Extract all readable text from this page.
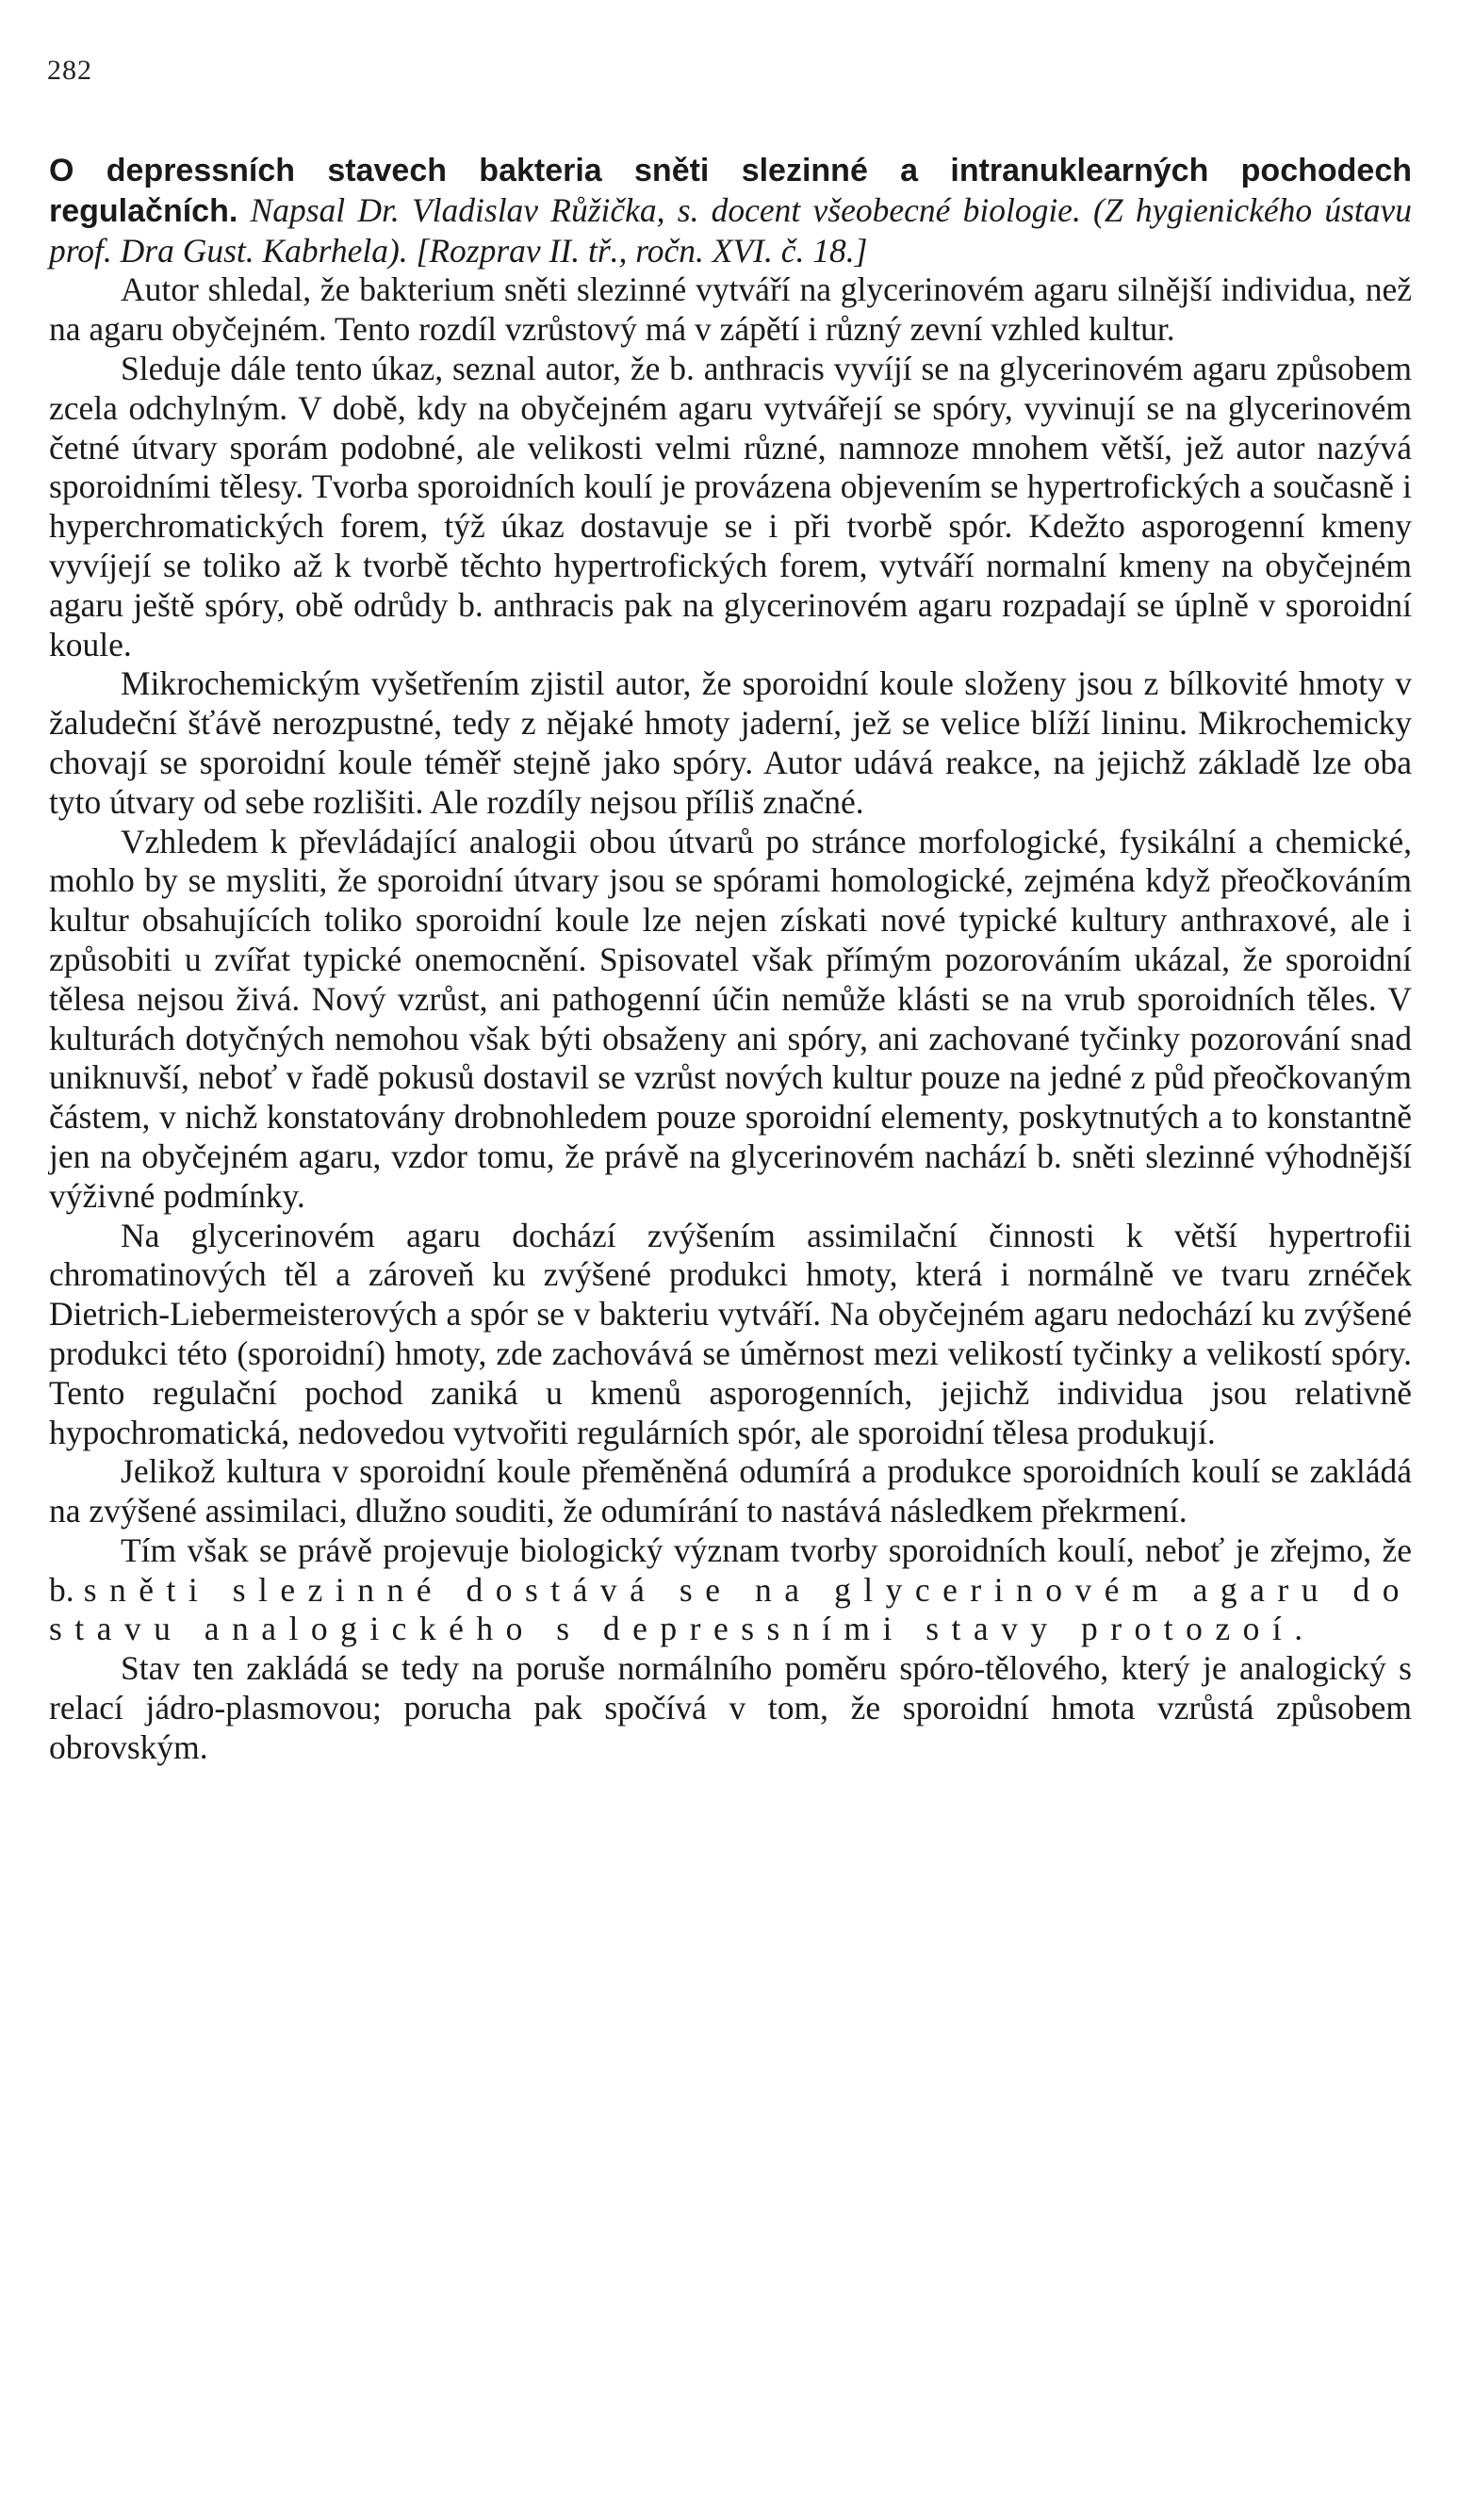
282

O depressních stavech bakteria sněti slezinné a intranuklearných pochodech regulačních. Napsal Dr. Vladislav Růžička, s. docent všeobecné biologie. (Z hygienického ústavu prof. Dra Gust. Kabrhela). [Rozprav II. tř., ročn. XVI. č. 18.]

Autor shledal, že bakterium sněti slezinné vytváří na glycerinovém agaru silnější individua, než na agaru obyčejném. Tento rozdíl vzrůstový má v zápětí i různý zevní vzhled kultur.

Sleduje dále tento úkaz, seznal autor, že b. anthracis vyvíjí se na glycerinovém agaru způsobem zcela odchylným. V době, kdy na obyčejném agaru vytvářejí se spóry, vyvinují se na glycerinovém četné útvary sporám podobné, ale velikosti velmi různé, namnoze mnohem větší, jež autor nazývá sporoidními tělesy. Tvorba sporoidních koulí je provázena objevením se hypertrofických a současně i hyperchromatických forem, týž úkaz dostavuje se i při tvorbě spór. Kdežto asporogenní kmeny vyvíjejí se toliko až k tvorbě těchto hypertrofických forem, vytváří normalní kmeny na obyčejném agaru ještě spóry, obě odrůdy b. anthracis pak na glycerinovém agaru rozpadají se úplně v sporoidní koule.

Mikrochemickým vyšetřením zjistil autor, že sporoidní koule složeny jsou z bílkovité hmoty v žaludeční šťávě nerozpustné, tedy z nějaké hmoty jaderní, jež se velice blíží lininu. Mikrochemicky chovají se sporoidní koule téměř stejně jako spóry. Autor udává reakce, na jejichž základě lze oba tyto útvary od sebe rozlišiti. Ale rozdíly nejsou příliš značné.

Vzhledem k převládající analogii obou útvarů po stránce morfologické, fysikální a chemické, mohlo by se mysliti, že sporoidní útvary jsou se spórami homologické, zejména když přeočkováním kultur obsahujících toliko sporoidní koule lze nejen získati nové typické kultury anthraxové, ale i způsobiti u zvířat typické onemocnění. Spisovatel však přímým pozorováním ukázal, že sporoidní tělesa nejsou živá. Nový vzrůst, ani pathogenní účin nemůže klásti se na vrub sporoidních těles. V kulturách dotyčných nemohou však býti obsaženy ani spóry, ani zachované tyčinky pozorování snad uniknuvší, neboť v řadě pokusů dostavil se vzrůst nových kultur pouze na jedné z půd přeočkovaným částem, v nichž konstatovány drobnohledem pouze sporoidní elementy, poskytnutých a to konstantně jen na obyčejném agaru, vzdor tomu, že právě na glycerinovém nachází b. sněti slezinné výhodnější výživné podmínky.

Na glycerinovém agaru dochází zvýšením assimilační činnosti k větší hypertrofii chromatinových těl a zároveň ku zvýšené produkci hmoty, která i normálně ve tvaru zrnéček Dietrich-Liebermeisterových a spór se v bakteriu vytváří. Na obyčejném agaru nedochází ku zvýšené produkci této (sporoidní) hmoty, zde zachovává se úměrnost mezi velikostí tyčinky a velikostí spóry. Tento regulační pochod zaniká u kmenů asporogenních, jejichž individua jsou relativně hypochromatická, nedovedou vytvořiti regulárních spór, ale sporoidní tělesa produkují.

Jelikož kultura v sporoidní koule přeměněná odumírá a produkce sporoidních koulí se zakládá na zvýšené assimilaci, dlužno souditi, že odumírání to nastává následkem překrmení.

Tím však se právě projevuje biologický význam tvorby sporoidních koulí, neboť je zřejmo, že b. sněti slezinné dostává se na glycerinovém agaru do stavu analogického s depressními stavy protozoí.

Stav ten zakládá se tedy na poruše normálního poměru spóro-tělového, který je analogický s relací jádro-plasmovou; porucha pak spočívá v tom, že sporoidní hmota vzrůstá způsobem obrovským.
